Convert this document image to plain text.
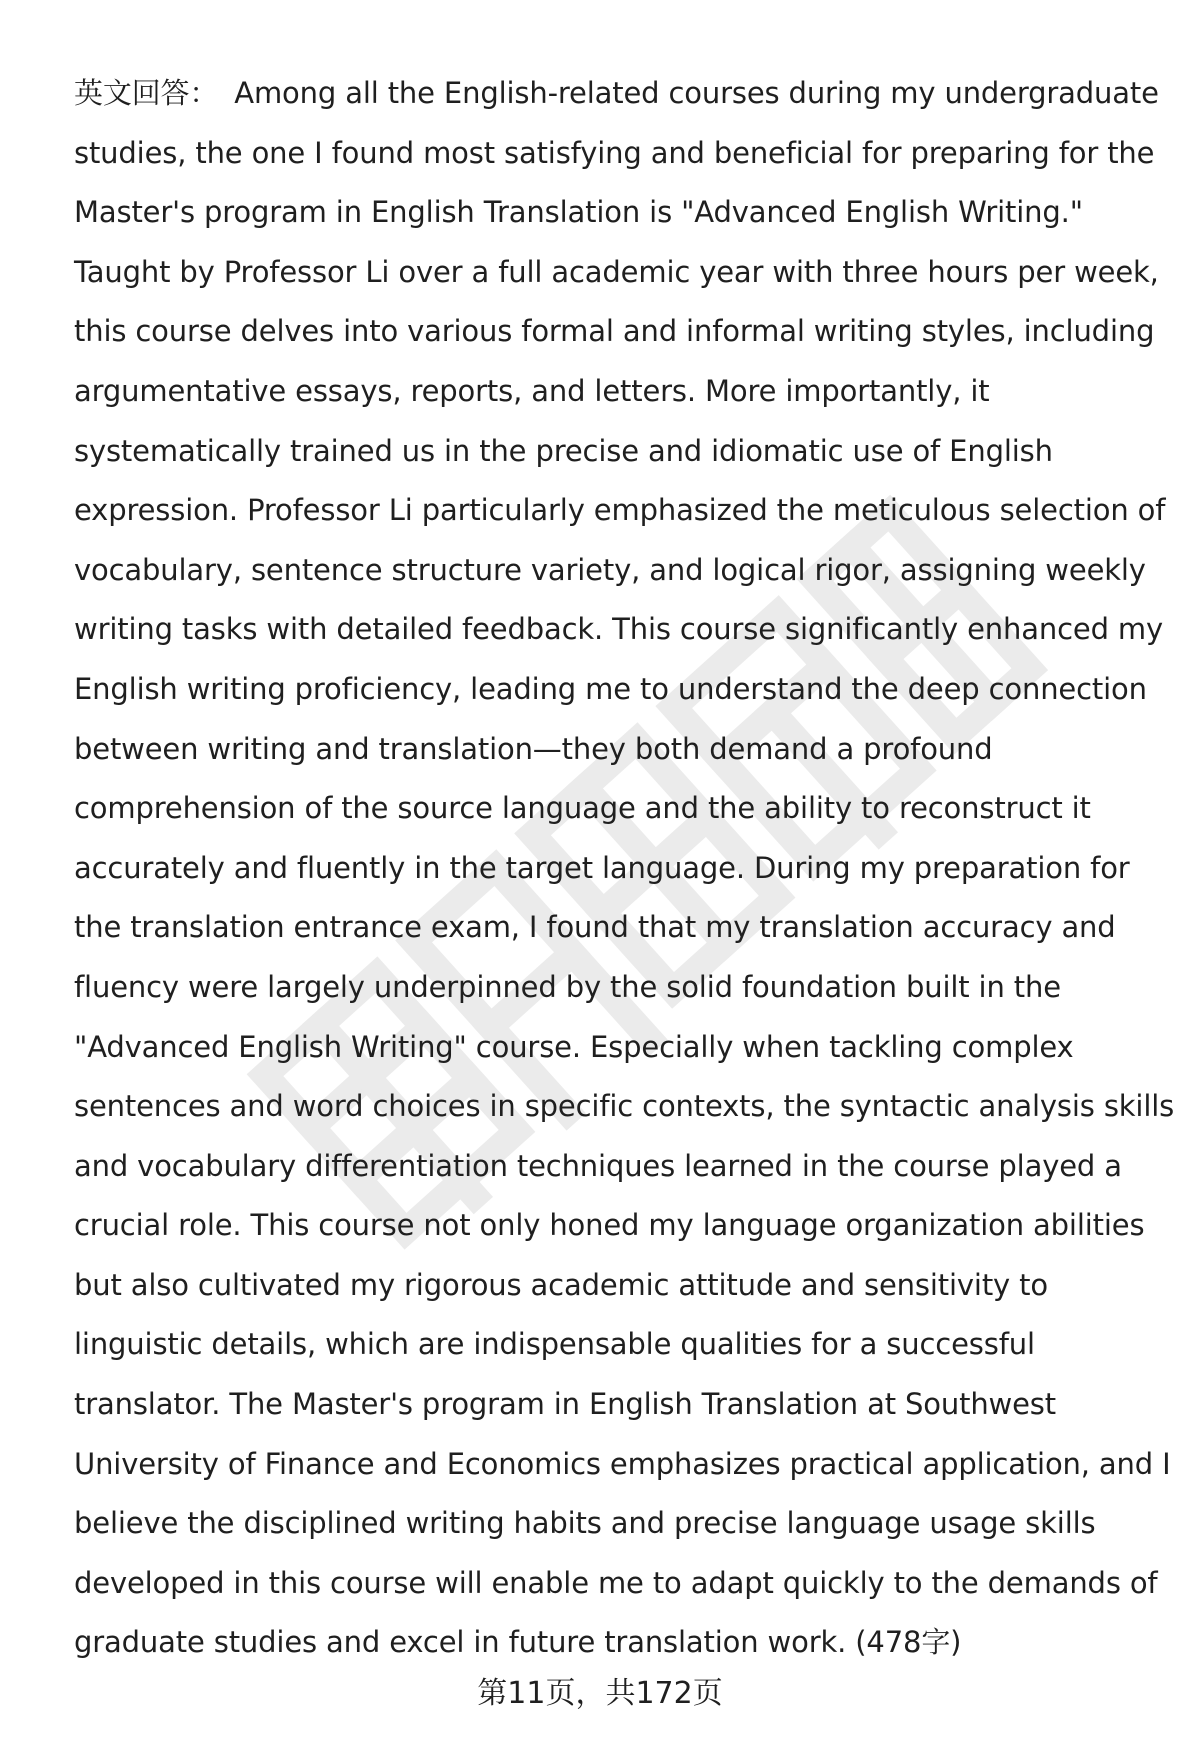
英文回答： Among all the English-related courses during my undergraduate
studies, the one I found most satisfying and beneficial for preparing for the
Master's program in English Translation is "Advanced English Writing."
Taught by Professor Li over a full academic year with three hours per week,
this course delves into various formal and informal writing styles, including
argumentative essays, reports, and letters. More importantly, it
systematically trained us in the precise and idiomatic use of English
expression. Professor Li particularly emphasized the meticulous selection of
vocabulary, sentence structure variety, and logical rigor, assigning weekly
writing tasks with detailed feedback. This course significantly enhanced my
English writing proficiency, leading me to understand the deep connection
between writing and translation—they both demand a profound
comprehension of the source language and the ability to reconstruct it
accurately and fluently in the target language. During my preparation for
the translation entrance exam, I found that my translation accuracy and
fluency were largely underpinned by the solid foundation built in the
"Advanced English Writing" course. Especially when tackling complex
sentences and word choices in specific contexts, the syntactic analysis skills
and vocabulary differentiation techniques learned in the course played a
crucial role. This course not only honed my language organization abilities
but also cultivated my rigorous academic attitude and sensitivity to
linguistic details, which are indispensable qualities for a successful
translator. The Master's program in English Translation at Southwest
University of Finance and Economics emphasizes practical application, and I
believe the disciplined writing habits and precise language usage skills
developed in this course will enable me to adapt quickly to the demands of
graduate studies and excel in future translation work. (478字)
第11页，共172页
